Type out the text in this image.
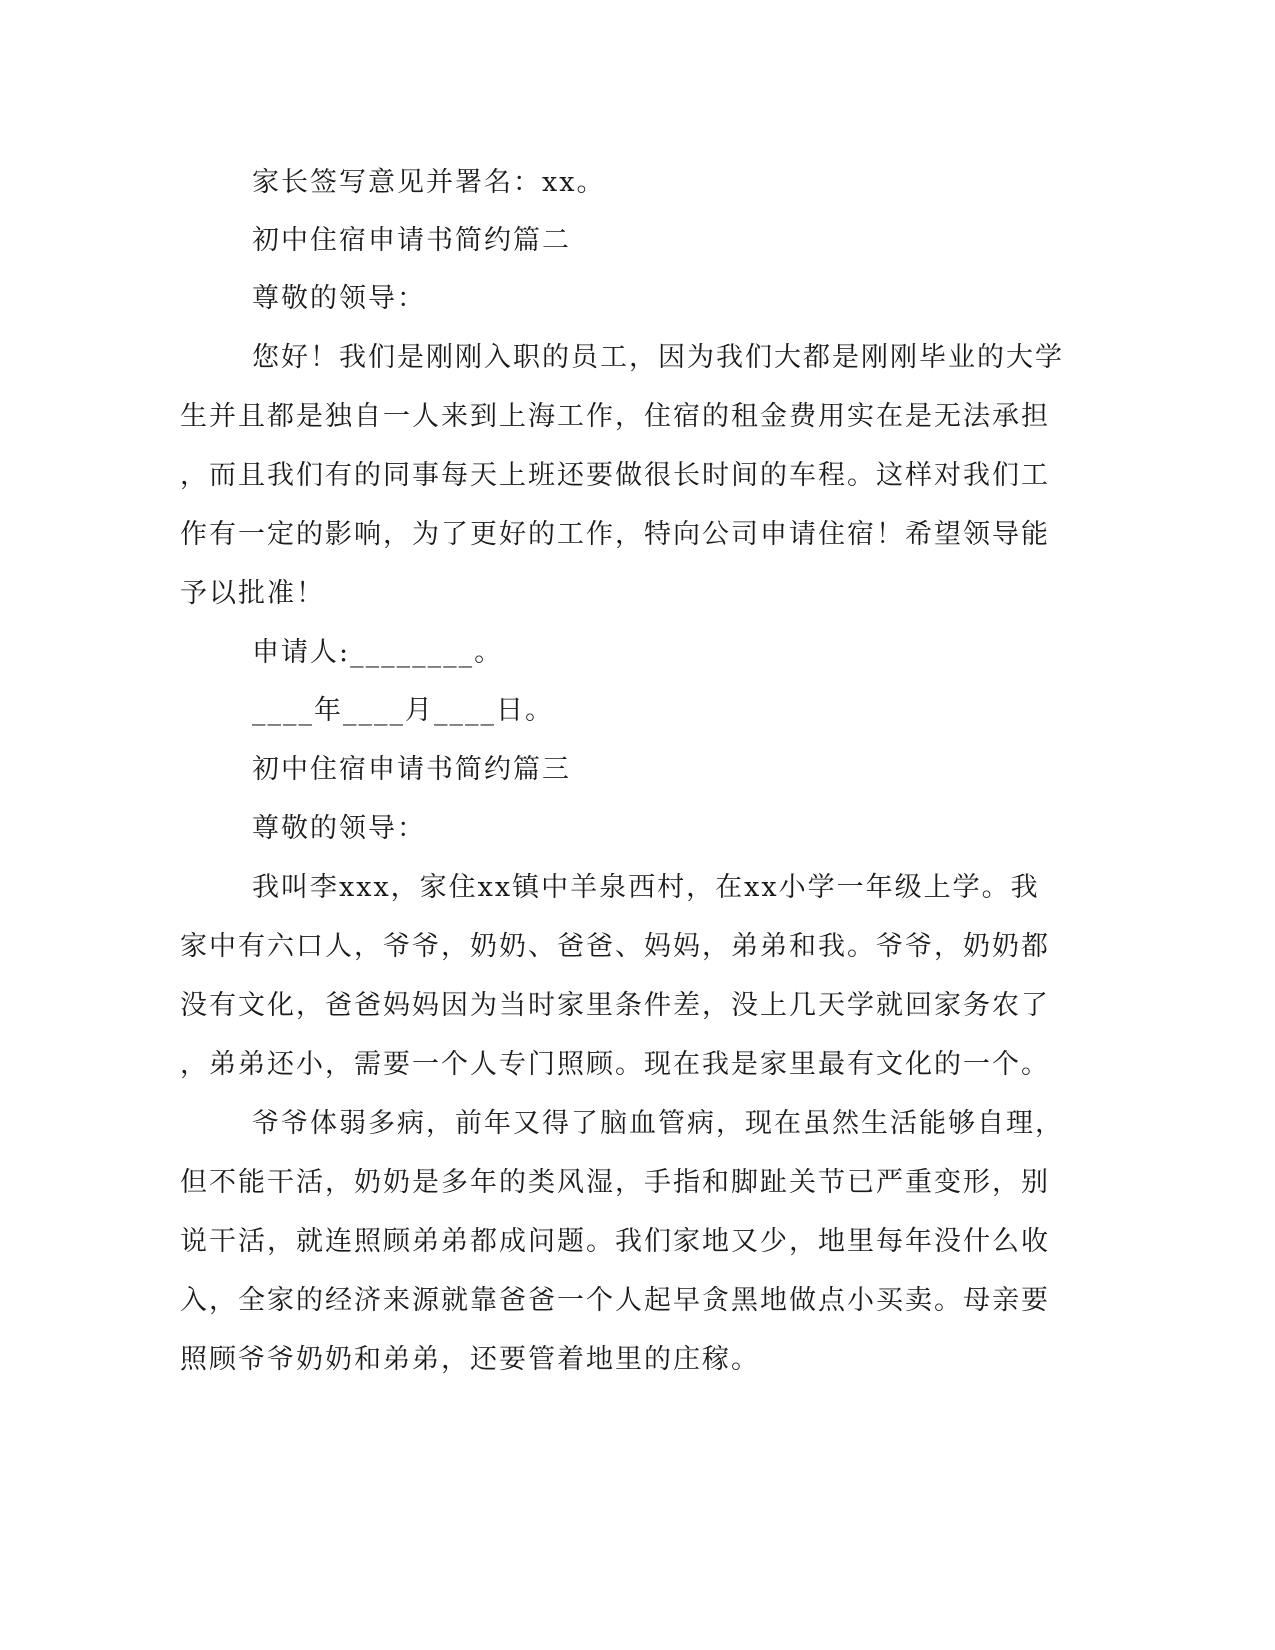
家长签写意见并署名：xx。
初中住宿申请书简约篇二
尊敬的领导：
您好！我们是刚刚入职的员工，因为我们大都是刚刚毕业的大学
生并且都是独自一人来到上海工作，住宿的租金费用实在是无法承担
，而且我们有的同事每天上班还要做很长时间的车程。这样对我们工
作有一定的影响，为了更好的工作，特向公司申请住宿！希望领导能
予以批准！
申请人:________。
____年____月____日。
初中住宿申请书简约篇三
尊敬的领导：
我叫李xxx，家住xx镇中羊泉西村，在xx小学一年级上学。我
家中有六口人，爷爷，奶奶、爸爸、妈妈，弟弟和我。爷爷，奶奶都
没有文化，爸爸妈妈因为当时家里条件差，没上几天学就回家务农了
，弟弟还小，需要一个人专门照顾。现在我是家里最有文化的一个。
爷爷体弱多病，前年又得了脑血管病，现在虽然生活能够自理，
但不能干活，奶奶是多年的类风湿，手指和脚趾关节已严重变形，别
说干活，就连照顾弟弟都成问题。我们家地又少，地里每年没什么收
入，全家的经济来源就靠爸爸一个人起早贪黑地做点小买卖。母亲要
照顾爷爷奶奶和弟弟，还要管着地里的庄稼。
